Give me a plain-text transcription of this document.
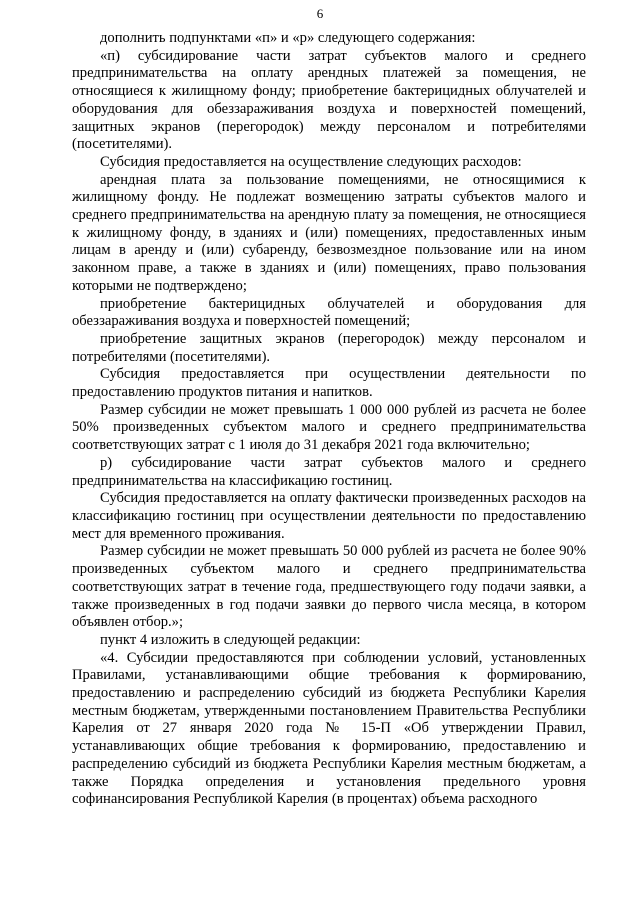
6

дополнить подпунктами «п» и «р» следующего содержания:

«п) субсидирование части затрат субъектов малого и среднего предпринимательства на оплату арендных платежей за помещения, не относящиеся к жилищному фонду; приобретение бактерицидных облучателей и оборудования для обеззараживания воздуха и поверхностей помещений, защитных экранов (перегородок) между персоналом и потребителями (посетителями).

Субсидия предоставляется на осуществление следующих расходов:

арендная плата за пользование помещениями, не относящимися к жилищному фонду. Не подлежат возмещению затраты субъектов малого и среднего предпринимательства на арендную плату за помещения, не относящиеся к жилищному фонду, в зданиях и (или) помещениях, предоставленных иным лицам в аренду и (или) субаренду, безвозмездное пользование или на ином законном праве, а также в зданиях и (или) помещениях, право пользования которыми не подтверждено;

приобретение бактерицидных облучателей и оборудования для обеззараживания воздуха и поверхностей помещений;

приобретение защитных экранов (перегородок) между персоналом и потребителями (посетителями).

Субсидия предоставляется при осуществлении деятельности по предоставлению продуктов питания и напитков.

Размер субсидии не может превышать 1 000 000 рублей из расчета не более 50% произведенных субъектом малого и среднего предпринимательства соответствующих затрат с 1 июля до 31 декабря 2021 года включительно;

р) субсидирование части затрат субъектов малого и среднего предпринимательства на классификацию гостиниц.

Субсидия предоставляется на оплату фактически произведенных расходов на классификацию гостиниц при осуществлении деятельности по предоставлению мест для временного проживания.

Размер субсидии не может превышать 50 000 рублей из расчета не более 90% произведенных субъектом малого и среднего предпринимательства соответствующих затрат в течение года, предшествующего году подачи заявки, а также произведенных в год подачи заявки до первого числа месяца, в котором объявлен отбор.»;

пункт 4 изложить в следующей редакции:

«4. Субсидии предоставляются при соблюдении условий, установленных Правилами, устанавливающими общие требования к формированию, предоставлению и распределению субсидий из бюджета Республики Карелия местным бюджетам, утвержденными постановлением Правительства Республики Карелия от 27 января 2020 года № 15-П «Об утверждении Правил, устанавливающих общие требования к формированию, предоставлению и распределению субсидий из бюджета Республики Карелия местным бюджетам, а также Порядка определения и установления предельного уровня софинансирования Республикой Карелия (в процентах) объема расходного
